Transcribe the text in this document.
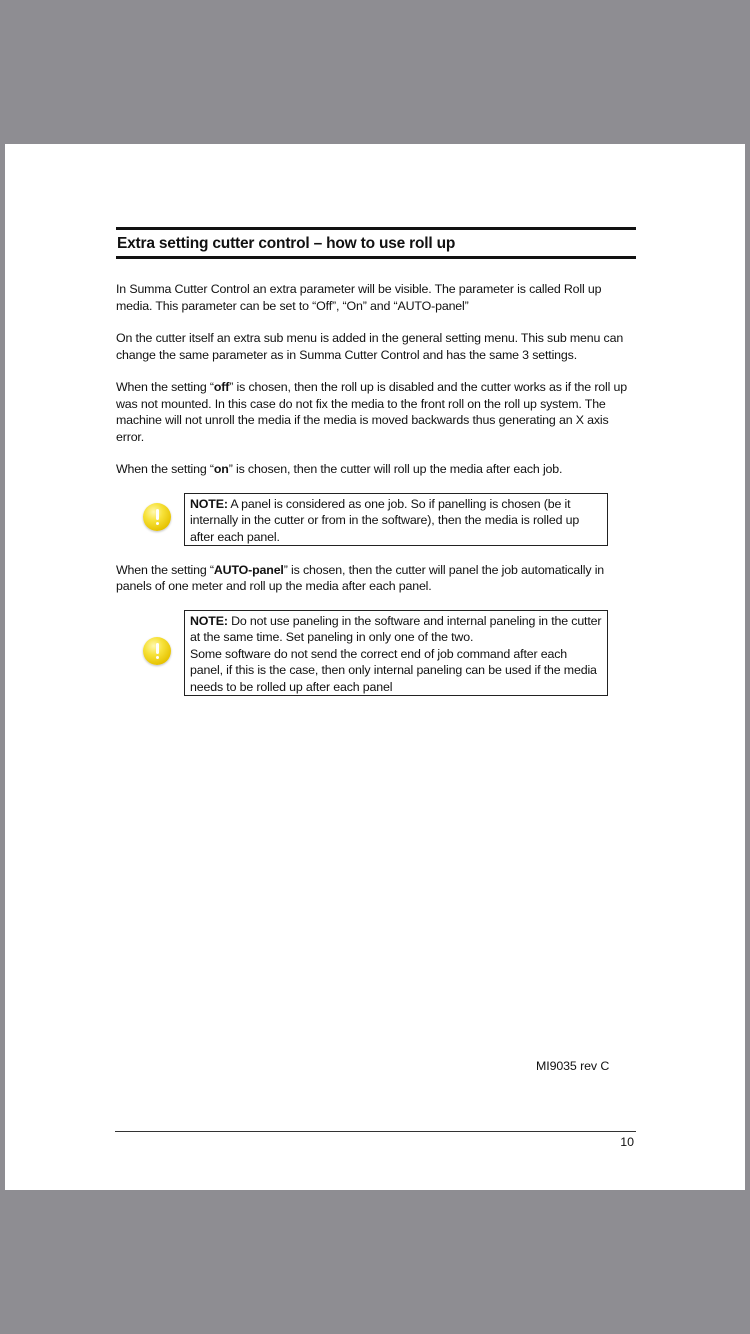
Extra setting cutter control – how to use roll up

In Summa Cutter Control an extra parameter will be visible. The parameter is called Roll up media. This parameter can be set to “Off”, “On” and “AUTO-panel”

On the cutter itself an extra sub menu is added in the general setting menu. This sub menu can change the same parameter as in Summa Cutter Control and has the same 3 settings.

When the setting “off” is chosen, then the roll up is disabled and the cutter works as if the roll up was not mounted. In this case do not fix the media to the front roll on the roll up system. The machine will not unroll the media if the media is moved backwards thus generating an X axis error.

When the setting “on” is chosen, then the cutter will roll up the media after each job.

NOTE: A panel is considered as one job. So if panelling is chosen (be it internally in the cutter or from in the software), then the media is rolled up after each panel.

When the setting “AUTO-panel” is chosen, then the cutter will panel the job automatically in panels of one meter and roll up the media after each panel.

NOTE: Do not use paneling in the software and internal paneling in the cutter at the same time. Set paneling in only one of the two.

Some software do not send the correct end of job command after each panel, if this is the case, then only internal paneling can be used if the media needs to be rolled up after each panel

MI9035 rev C
10
